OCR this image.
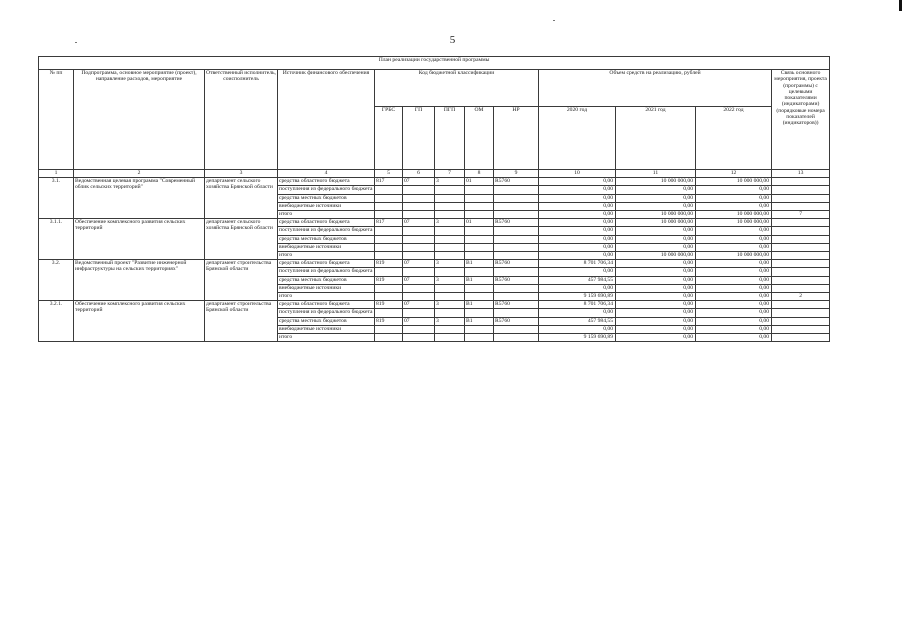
5
План реализации государственной программы												
№ пп	Подпрограмма, основное мероприятие (проект), направление расходов, мероприятие	Ответственный исполнитель, соисполнитель	Источник финансового обеспечения	Код бюджетной классификации					Объем средств на реализацию, рублей			Связь основного мероприятия, проекта (программы) с целевыми показателями (индикаторами) (порядковые номера показателей (индикаторов))
				ГРБС	ГП	ПГП	ОМ	НР	2020 год	2021 год	2022 год	
1	2	3	4	5	6	7	8	9	10	11	12	13
3.1.	Ведомственная целевая программа "Современный облик сельских территорий"	департамент сельского хозяйства Брянской области	средства областного бюджета	817	07	3	01	R5760	0,00	10 000 000,00	10 000 000,00	
			поступления из федерального бюджета						0,00	0,00	0,00	
			средства местных бюджетов						0,00	0,00	0,00	
			внебюджетные источники						0,00	0,00	0,00	
			итого						0,00	10 000 000,00	10 000 000,00	7
3.1.1.	Обеспечение комплексного развития сельских территорий	департамент сельского хозяйства Брянской области	средства областного бюджета	817	07	3	01	R5760	0,00	10 000 000,00	10 000 000,00	
			поступления из федерального бюджета						0,00	0,00	0,00	
			средства местных бюджетов						0,00	0,00	0,00	
			внебюджетные источники						0,00	0,00	0,00	
			итого						0,00	10 000 000,00	10 000 000,00	
3.2.	Ведомственный проект "Развитие инженерной инфраструктуры на сельских территориях"	департамент строительства Брянской области	средства областного бюджета	819	07	3	В1	R5760	8 701 706,34	0,00	0,00	
			поступления из федерального бюджета						0,00	0,00	0,00	
			средства местных бюджетов	819	07	3	В1	R5760	457 984,55	0,00	0,00	
			внебюджетные источники						0,00	0,00	0,00	
			итого						9 159 690,89	0,00	0,00	2
3.2.1.	Обеспечение комплексного развития сельских территорий	департамент строительства Брянской области	средства областного бюджета	819	07	3	В1	R5760	8 701 706,34	0,00	0,00	
			поступления из федерального бюджета						0,00	0,00	0,00	
			средства местных бюджетов	819	07	3	В1	R5760	457 984,55	0,00	0,00	
			внебюджетные источники						0,00	0,00	0,00	
			итого						9 159 690,89	0,00	0,00	
